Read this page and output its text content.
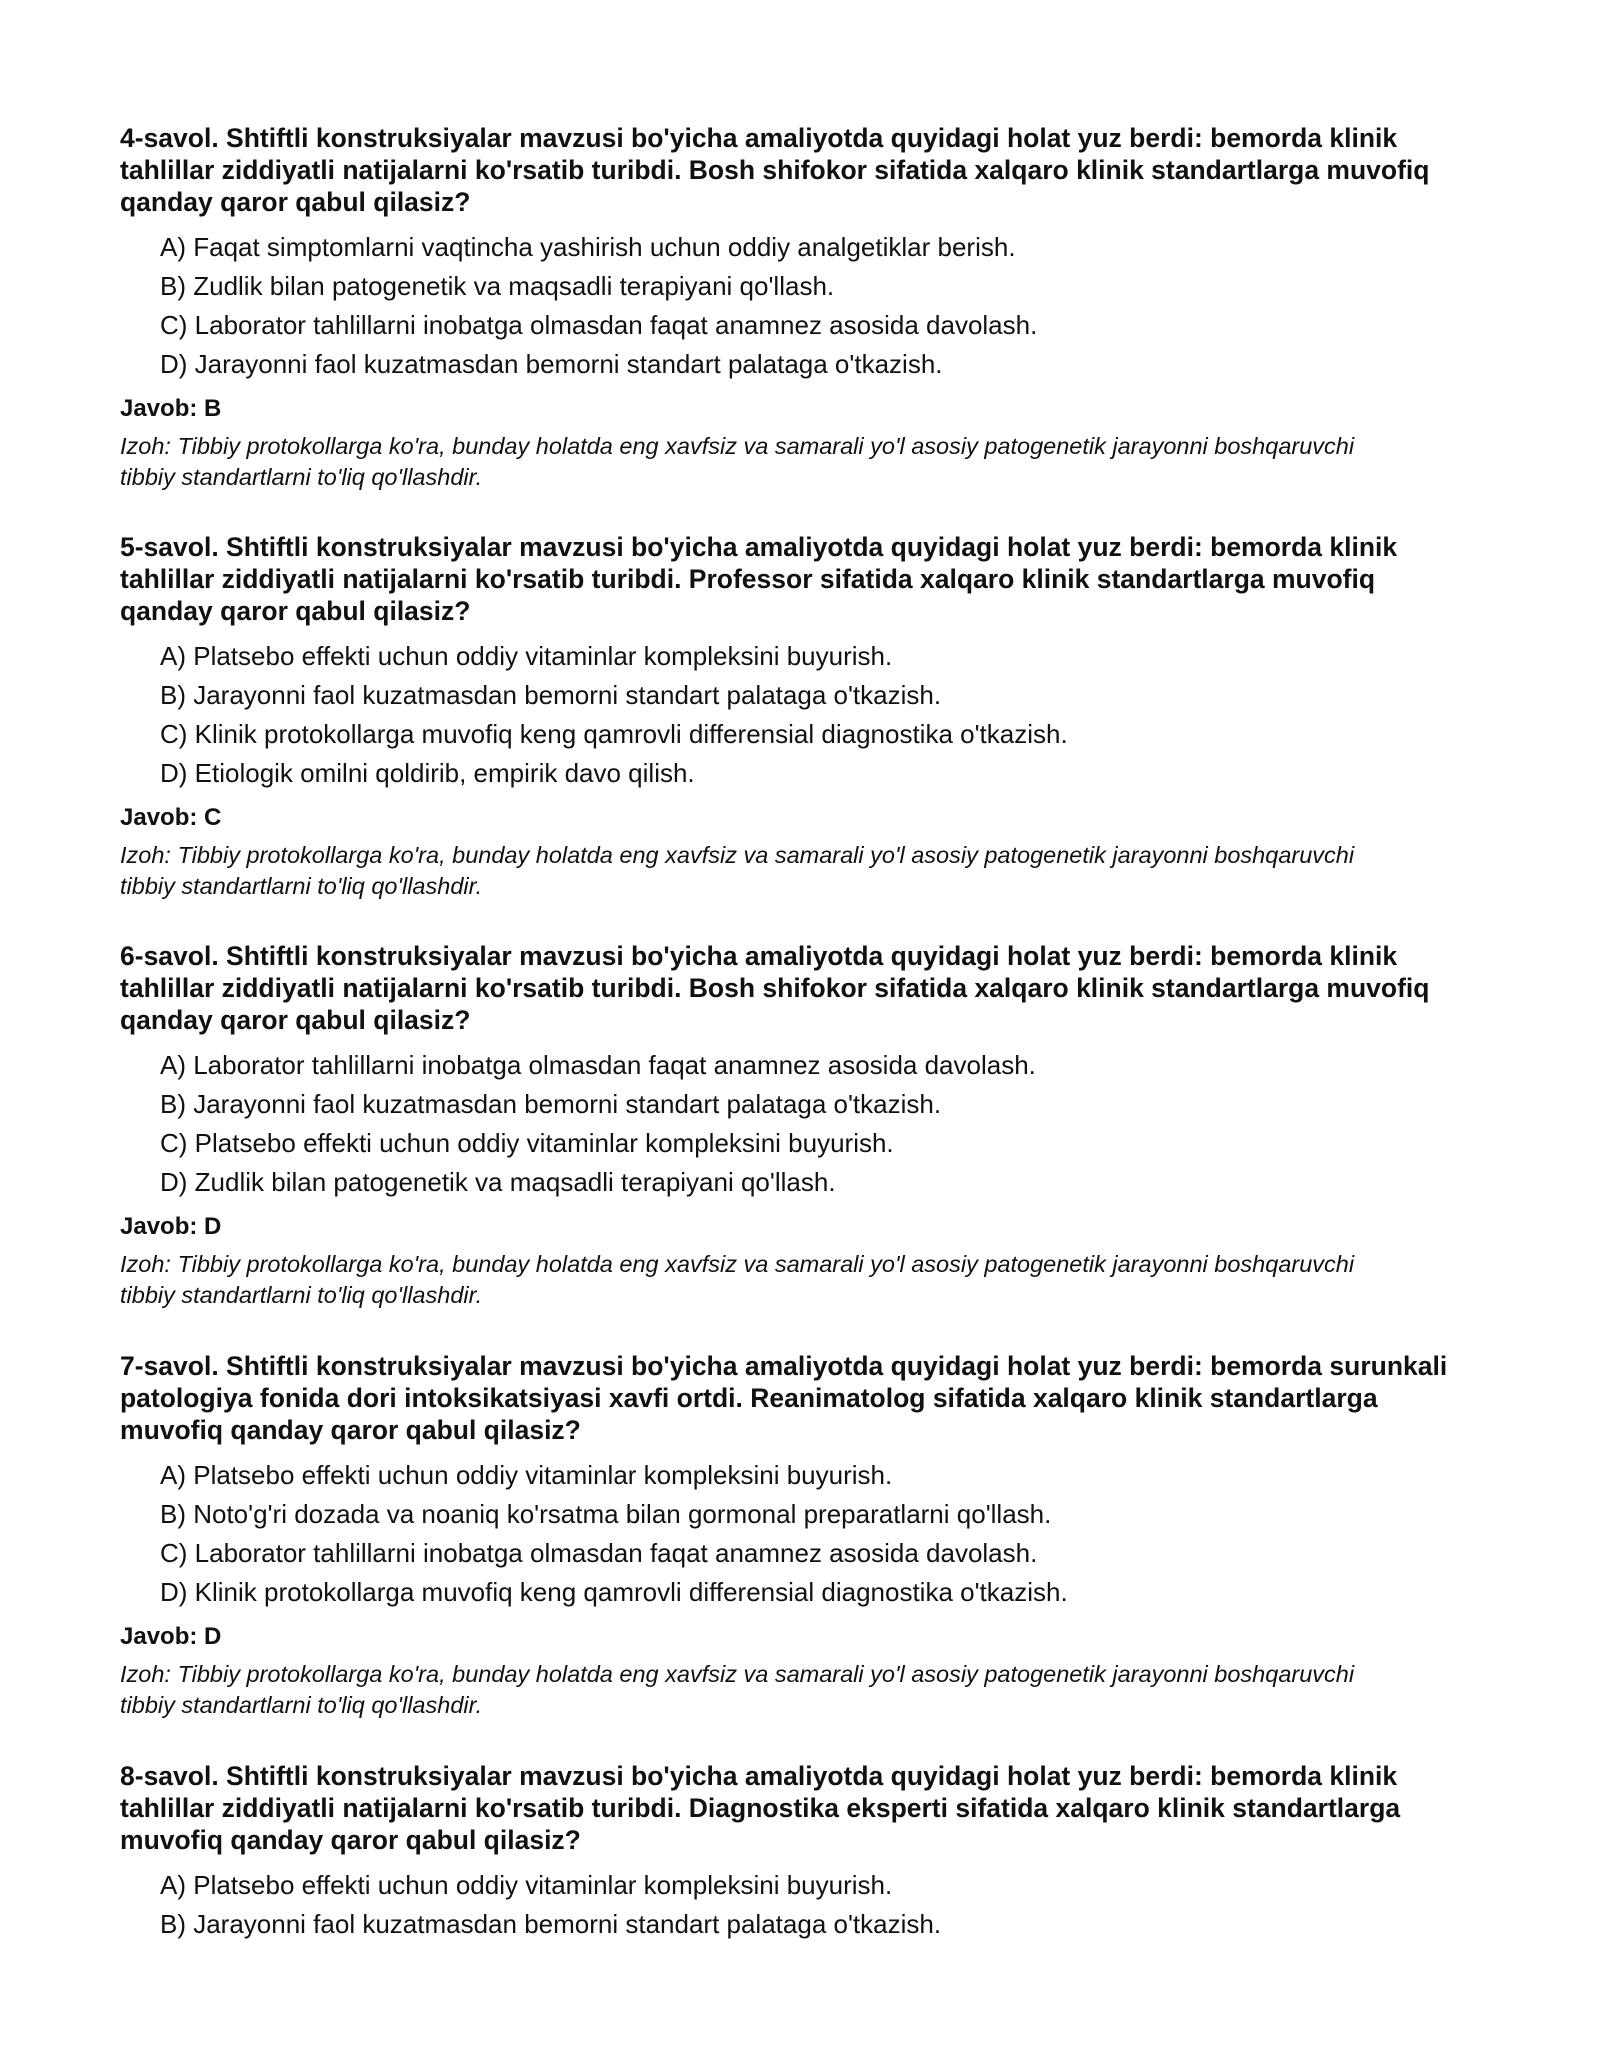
4-savol. Shtiftli konstruksiyalar mavzusi bo'yicha amaliyotda quyidagi holat yuz berdi: bemorda klinik tahlillar ziddiyatli natijalarni ko'rsatib turibdi. Bosh shifokor sifatida xalqaro klinik standartlarga muvofiq qanday qaror qabul qilasiz?

A) Faqat simptomlarni vaqtincha yashirish uchun oddiy analgetiklar berish.
B) Zudlik bilan patogenetik va maqsadli terapiyani qo'llash.
C) Laborator tahlillarni inobatga olmasdan faqat anamnez asosida davolash.
D) Jarayonni faol kuzatmasdan bemorni standart palataga o'tkazish.

Javob: B

Izoh: Tibbiy protokollarga ko'ra, bunday holatda eng xavfsiz va samarali yo'l asosiy patogenetik jarayonni boshqaruvchi tibbiy standartlarni to'liq qo'llashdir.

5-savol. Shtiftli konstruksiyalar mavzusi bo'yicha amaliyotda quyidagi holat yuz berdi: bemorda klinik tahlillar ziddiyatli natijalarni ko'rsatib turibdi. Professor sifatida xalqaro klinik standartlarga muvofiq qanday qaror qabul qilasiz?

A) Platsebo effekti uchun oddiy vitaminlar kompleksini buyurish.
B) Jarayonni faol kuzatmasdan bemorni standart palataga o'tkazish.
C) Klinik protokollarga muvofiq keng qamrovli differensial diagnostika o'tkazish.
D) Etiologik omilni qoldirib, empirik davo qilish.

Javob: C

Izoh: Tibbiy protokollarga ko'ra, bunday holatda eng xavfsiz va samarali yo'l asosiy patogenetik jarayonni boshqaruvchi tibbiy standartlarni to'liq qo'llashdir.

6-savol. Shtiftli konstruksiyalar mavzusi bo'yicha amaliyotda quyidagi holat yuz berdi: bemorda klinik tahlillar ziddiyatli natijalarni ko'rsatib turibdi. Bosh shifokor sifatida xalqaro klinik standartlarga muvofiq qanday qaror qabul qilasiz?

A) Laborator tahlillarni inobatga olmasdan faqat anamnez asosida davolash.
B) Jarayonni faol kuzatmasdan bemorni standart palataga o'tkazish.
C) Platsebo effekti uchun oddiy vitaminlar kompleksini buyurish.
D) Zudlik bilan patogenetik va maqsadli terapiyani qo'llash.

Javob: D

Izoh: Tibbiy protokollarga ko'ra, bunday holatda eng xavfsiz va samarali yo'l asosiy patogenetik jarayonni boshqaruvchi tibbiy standartlarni to'liq qo'llashdir.

7-savol. Shtiftli konstruksiyalar mavzusi bo'yicha amaliyotda quyidagi holat yuz berdi: bemorda surunkali patologiya fonida dori intoksikatsiyasi xavfi ortdi. Reanimatolog sifatida xalqaro klinik standartlarga muvofiq qanday qaror qabul qilasiz?

A) Platsebo effekti uchun oddiy vitaminlar kompleksini buyurish.
B) Noto'g'ri dozada va noaniq ko'rsatma bilan gormonal preparatlarni qo'llash.
C) Laborator tahlillarni inobatga olmasdan faqat anamnez asosida davolash.
D) Klinik protokollarga muvofiq keng qamrovli differensial diagnostika o'tkazish.

Javob: D

Izoh: Tibbiy protokollarga ko'ra, bunday holatda eng xavfsiz va samarali yo'l asosiy patogenetik jarayonni boshqaruvchi tibbiy standartlarni to'liq qo'llashdir.

8-savol. Shtiftli konstruksiyalar mavzusi bo'yicha amaliyotda quyidagi holat yuz berdi: bemorda klinik tahlillar ziddiyatli natijalarni ko'rsatib turibdi. Diagnostika eksperti sifatida xalqaro klinik standartlarga muvofiq qanday qaror qabul qilasiz?

A) Platsebo effekti uchun oddiy vitaminlar kompleksini buyurish.
B) Jarayonni faol kuzatmasdan bemorni standart palataga o'tkazish.
